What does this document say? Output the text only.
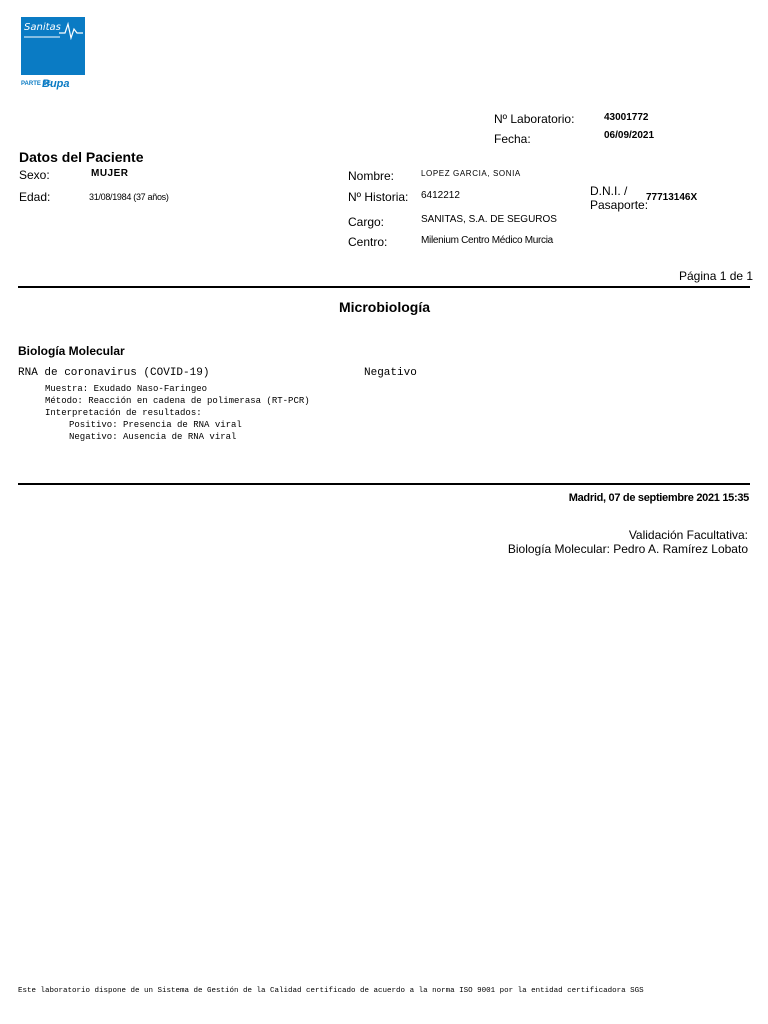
Sanitas
PARTE DE
Bupa
Nº Laboratorio:	43001772
Fecha:	06/09/2021
Datos del Paciente
Sexo:	MUJER
Edad:	31/08/1984 (37 años)
Nombre:	LOPEZ GARCIA, SONIA
Nº Historia: 6412212
Cargo:	SANITAS, S.A. DE SEGUROS
Centro:	Milenium Centro Médico Murcia
D.N.I. /
Pasaporte:
77713146X
Página 1 de 1
Microbiología
Biología Molecular
RNA de coronavirus (COVID-19)	Negativo
Muestra: Exudado Naso-Faringeo
Método: Reacción en cadena de polimerasa (RT-PCR)
Interpretación de resultados:
Positivo: Presencia de RNA viral
Negativo: Ausencia de RNA viral
Madrid, 07 de septiembre 2021 15:35
Validación Facultativa:
Biología Molecular: Pedro A. Ramírez Lobato
Este laboratorio dispone de un Sistema de Gestión de la Calidad certificado de acuerdo a la norma ISO 9001 por la entidad certificadora SGS
